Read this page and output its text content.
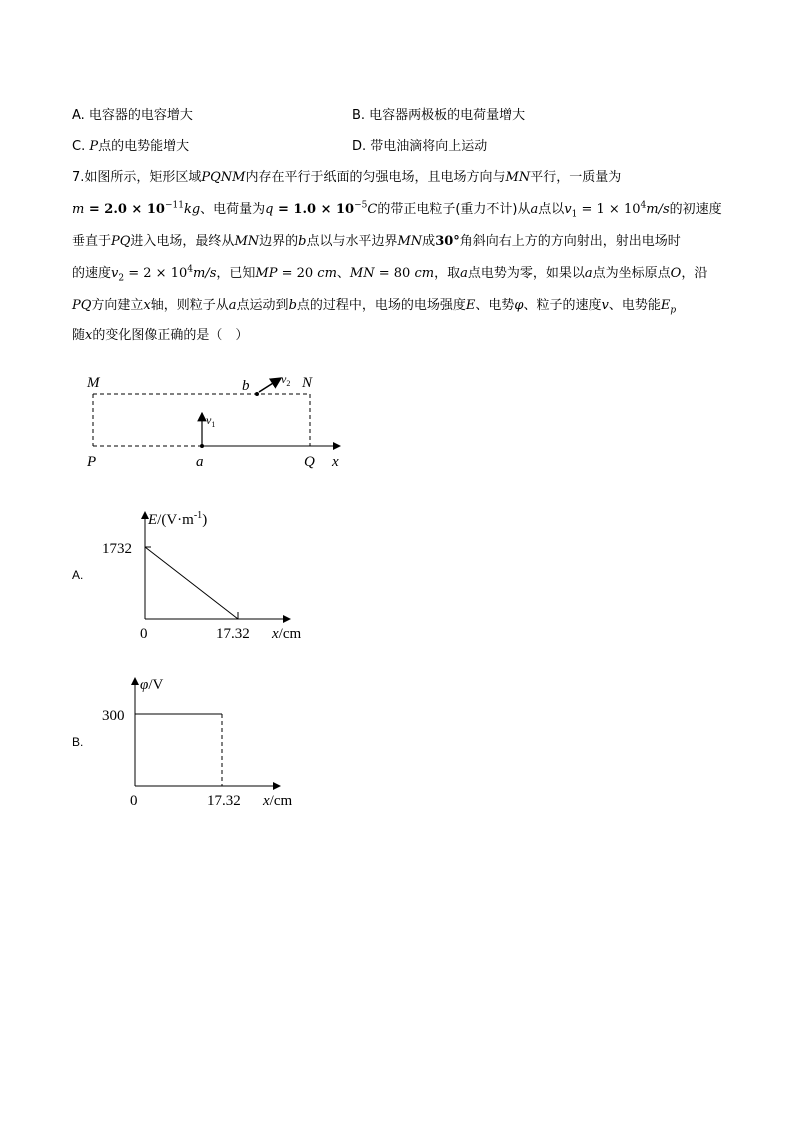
A. 电容器的电容增大	B. 电容器两极板的电荷量增大
C. P点的电势能增大	D. 带电油滴将向上运动
7.如图所示，矩形区域PQNM内存在平行于纸面的匀强电场，且电场方向与MN平行，一质量为
$m = 2.0 \times 10^{-11}kg$、电荷量为$q = 1.0 \times 10^{-5}C$的带正电粒子(重力不计)从a点以$v_1 = 1 \times 10^4m/s$的初速度
垂直于PQ进入电场，最终从MN边界的b点以与水平边界MN成30°角斜向右上方的方向射出，射出电场时
的速度$v_2 = 2 \times 10^4m/s$，已知MP = 20 cm、MN = 80 cm，取a点电势为零，如果以a点为坐标原点O，沿
PQ方向建立x轴，则粒子从a点运动到b点的过程中，电场的电场强度E、电势φ、粒子的速度v、电势能$E_p$
随x的变化图像正确的是（　）
M	N
P	Q
a
b
x
$v_1$
$v_2$
1732
0	17.32
$E/(V\cdot m^{-1})$
x/cm
300
0	17.32
φ/V
x/cm
A.
B.
